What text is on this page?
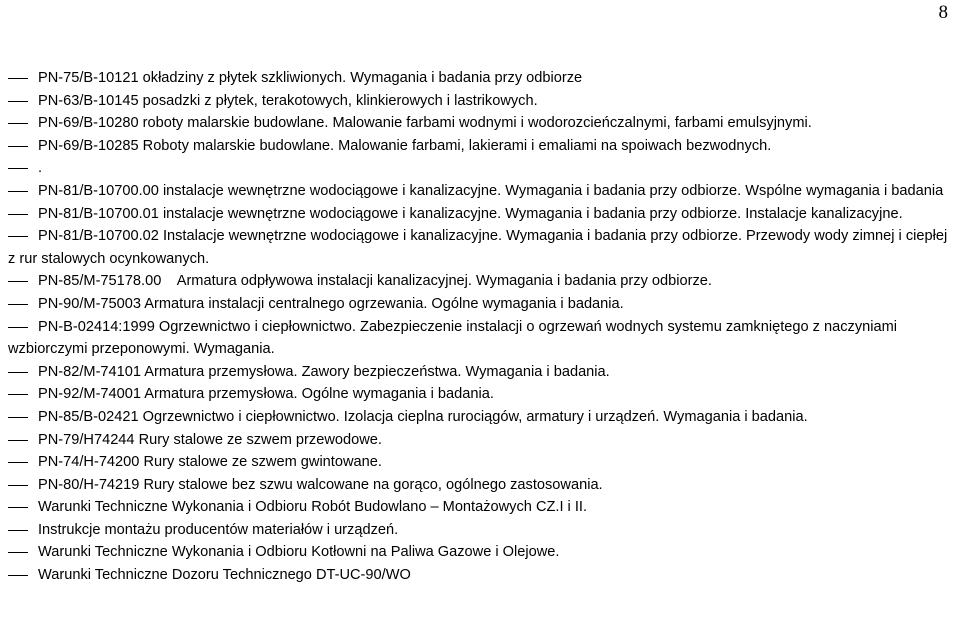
8
PN-75/B-10121 okładziny z płytek szkliwionych. Wymagania i badania przy odbiorze
PN-63/B-10145 posadzki z płytek, terakotowych, klinkierowych i lastrikowych.
PN-69/B-10280 roboty malarskie budowlane. Malowanie farbami wodnymi i wodorozcieńczalnymi, farbami emulsyjnymi.
PN-69/B-10285 Roboty malarskie budowlane. Malowanie farbami, lakierami i emaliami na spoiwach bezwodnych.
.
PN-81/B-10700.00 instalacje wewnętrzne wodociągowe i kanalizacyjne. Wymagania i badania przy odbiorze. Wspólne wymagania i badania
PN-81/B-10700.01 instalacje wewnętrzne wodociągowe i kanalizacyjne. Wymagania i badania przy odbiorze. Instalacje kanalizacyjne.
PN-81/B-10700.02 Instalacje wewnętrzne wodociągowe i kanalizacyjne. Wymagania i badania przy odbiorze. Przewody wody zimnej i ciepłej z rur stalowych ocynkowanych.
PN-85/M-75178.00    Armatura odpływowa instalacji kanalizacyjnej. Wymagania i badania przy odbiorze.
PN-90/M-75003 Armatura instalacji centralnego ogrzewania. Ogólne wymagania i badania.
PN-B-02414:1999 Ogrzewnictwo i ciepłownictwo. Zabezpieczenie instalacji o ogrzewań wodnych systemu zamkniętego z naczyniami wzbiorczymi przeponowymi. Wymagania.
PN-82/M-74101 Armatura przemysłowa. Zawory bezpieczeństwa. Wymagania i badania.
PN-92/M-74001 Armatura przemysłowa. Ogólne wymagania i badania.
PN-85/B-02421 Ogrzewnictwo i ciepłownictwo. Izolacja cieplna rurociągów, armatury i urządzeń. Wymagania i badania.
PN-79/H74244 Rury stalowe ze szwem przewodowe.
PN-74/H-74200 Rury stalowe ze szwem gwintowane.
PN-80/H-74219 Rury stalowe bez szwu walcowane na gorąco, ogólnego zastosowania.
Warunki Techniczne Wykonania i Odbioru Robót Budowlano – Montażowych CZ.I i II.
Instrukcje montażu producentów materiałów i urządzeń.
Warunki Techniczne Wykonania i Odbioru Kotłowni na Paliwa Gazowe i Olejowe.
Warunki Techniczne Dozoru Technicznego DT-UC-90/WO
